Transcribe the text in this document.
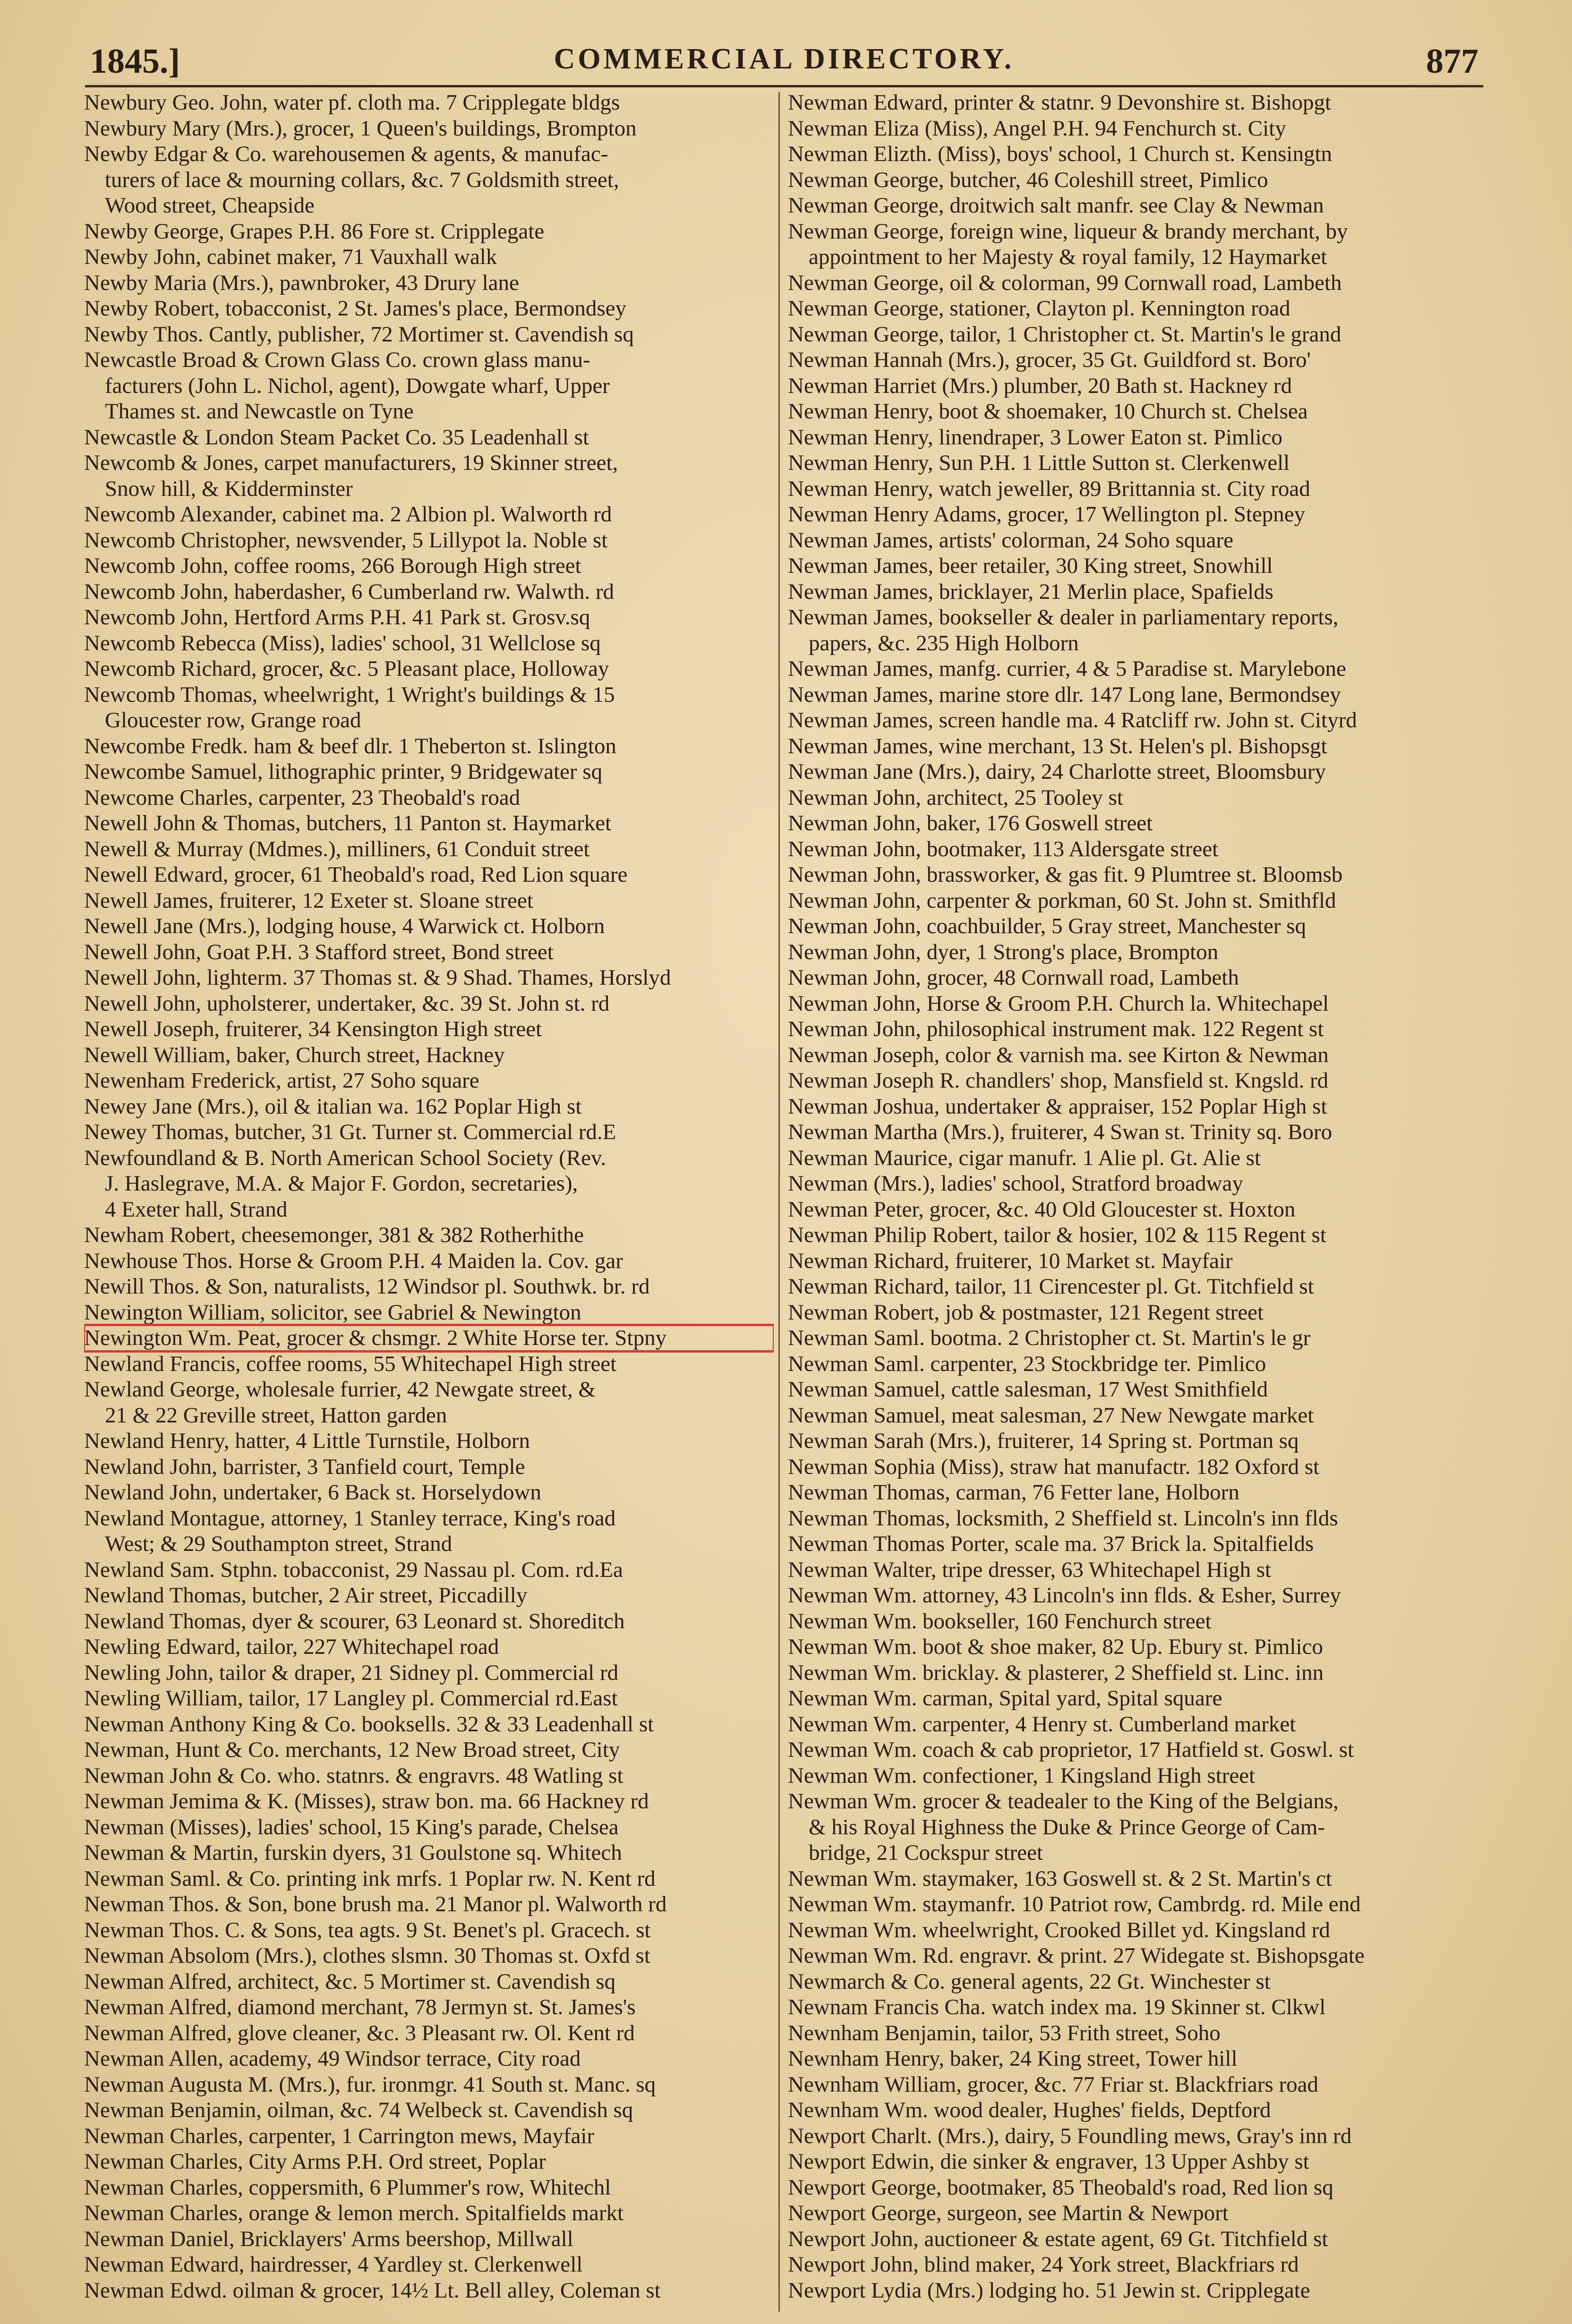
1845.]	COMMERCIAL DIRECTORY.	877
Newbury Geo. John, water pf. cloth ma. 7 Cripplegate bldgs
Newbury Mary (Mrs.), grocer, 1 Queen's buildings, Brompton
Newby Edgar & Co. warehousemen & agents, & manufac-
turers of lace & mourning collars, &c. 7 Goldsmith street,
Wood street, Cheapside
Newby George, Grapes P.H. 86 Fore st. Cripplegate
Newby John, cabinet maker, 71 Vauxhall walk
Newby Maria (Mrs.), pawnbroker, 43 Drury lane
Newby Robert, tobacconist, 2 St. James's place, Bermondsey
Newby Thos. Cantly, publisher, 72 Mortimer st. Cavendish sq
Newcastle Broad & Crown Glass Co. crown glass manu-
facturers (John L. Nichol, agent), Dowgate wharf, Upper
Thames st. and Newcastle on Tyne
Newcastle & London Steam Packet Co. 35 Leadenhall st
Newcomb & Jones, carpet manufacturers, 19 Skinner street,
Snow hill, & Kidderminster
Newcomb Alexander, cabinet ma. 2 Albion pl. Walworth rd
Newcomb Christopher, newsvender, 5 Lillypot la. Noble st
Newcomb John, coffee rooms, 266 Borough High street
Newcomb John, haberdasher, 6 Cumberland rw. Walwth. rd
Newcomb John, Hertford Arms P.H. 41 Park st. Grosv.sq
Newcomb Rebecca (Miss), ladies' school, 31 Wellclose sq
Newcomb Richard, grocer, &c. 5 Pleasant place, Holloway
Newcomb Thomas, wheelwright, 1 Wright's buildings & 15
Gloucester row, Grange road
Newcombe Fredk. ham & beef dlr. 1 Theberton st. Islington
Newcombe Samuel, lithographic printer, 9 Bridgewater sq
Newcome Charles, carpenter, 23 Theobald's road
Newell John & Thomas, butchers, 11 Panton st. Haymarket
Newell & Murray (Mdmes.), milliners, 61 Conduit street
Newell Edward, grocer, 61 Theobald's road, Red Lion square
Newell James, fruiterer, 12 Exeter st. Sloane street
Newell Jane (Mrs.), lodging house, 4 Warwick ct. Holborn
Newell John, Goat P.H. 3 Stafford street, Bond street
Newell John, lighterm. 37 Thomas st. & 9 Shad. Thames, Horslyd
Newell John, upholsterer, undertaker, &c. 39 St. John st. rd
Newell Joseph, fruiterer, 34 Kensington High street
Newell William, baker, Church street, Hackney
Newenham Frederick, artist, 27 Soho square
Newey Jane (Mrs.), oil & italian wa. 162 Poplar High st
Newey Thomas, butcher, 31 Gt. Turner st. Commercial rd.E
Newfoundland & B. North American School Society (Rev.
J. Haslegrave, M.A. & Major F. Gordon, secretaries),
4 Exeter hall, Strand
Newham Robert, cheesemonger, 381 & 382 Rotherhithe
Newhouse Thos. Horse & Groom P.H. 4 Maiden la. Cov. gar
Newill Thos. & Son, naturalists, 12 Windsor pl. Southwk. br. rd
Newington William, solicitor, see Gabriel & Newington
Newington Wm. Peat, grocer & chsmgr. 2 White Horse ter. Stpny
Newland Francis, coffee rooms, 55 Whitechapel High street
Newland George, wholesale furrier, 42 Newgate street, &
21 & 22 Greville street, Hatton garden
Newland Henry, hatter, 4 Little Turnstile, Holborn
Newland John, barrister, 3 Tanfield court, Temple
Newland John, undertaker, 6 Back st. Horselydown
Newland Montague, attorney, 1 Stanley terrace, King's road
West; & 29 Southampton street, Strand
Newland Sam. Stphn. tobacconist, 29 Nassau pl. Com. rd.Ea
Newland Thomas, butcher, 2 Air street, Piccadilly
Newland Thomas, dyer & scourer, 63 Leonard st. Shoreditch
Newling Edward, tailor, 227 Whitechapel road
Newling John, tailor & draper, 21 Sidney pl. Commercial rd
Newling William, tailor, 17 Langley pl. Commercial rd.East
Newman Anthony King & Co. booksells. 32 & 33 Leadenhall st
Newman, Hunt & Co. merchants, 12 New Broad street, City
Newman John & Co. who. statnrs. & engravrs. 48 Watling st
Newman Jemima & K. (Misses), straw bon. ma. 66 Hackney rd
Newman (Misses), ladies' school, 15 King's parade, Chelsea
Newman & Martin, furskin dyers, 31 Goulstone sq. Whitech
Newman Saml. & Co. printing ink mrfs. 1 Poplar rw. N. Kent rd
Newman Thos. & Son, bone brush ma. 21 Manor pl. Walworth rd
Newman Thos. C. & Sons, tea agts. 9 St. Benet's pl. Gracech. st
Newman Absolom (Mrs.), clothes slsmn. 30 Thomas st. Oxfd st
Newman Alfred, architect, &c. 5 Mortimer st. Cavendish sq
Newman Alfred, diamond merchant, 78 Jermyn st. St. James's
Newman Alfred, glove cleaner, &c. 3 Pleasant rw. Ol. Kent rd
Newman Allen, academy, 49 Windsor terrace, City road
Newman Augusta M. (Mrs.), fur. ironmgr. 41 South st. Manc. sq
Newman Benjamin, oilman, &c. 74 Welbeck st. Cavendish sq
Newman Charles, carpenter, 1 Carrington mews, Mayfair
Newman Charles, City Arms P.H. Ord street, Poplar
Newman Charles, coppersmith, 6 Plummer's row, Whitechl
Newman Charles, orange & lemon merch. Spitalfields markt
Newman Daniel, Bricklayers' Arms beershop, Millwall
Newman Edward, hairdresser, 4 Yardley st. Clerkenwell
Newman Edwd. oilman & grocer, 14½ Lt. Bell alley, Coleman st
Newman Edward, printer & statnr. 9 Devonshire st. Bishopgt
Newman Eliza (Miss), Angel P.H. 94 Fenchurch st. City
Newman Elizth. (Miss), boys' school, 1 Church st. Kensingtn
Newman George, butcher, 46 Coleshill street, Pimlico
Newman George, droitwich salt manfr. see Clay & Newman
Newman George, foreign wine, liqueur & brandy merchant, by
appointment to her Majesty & royal family, 12 Haymarket
Newman George, oil & colorman, 99 Cornwall road, Lambeth
Newman George, stationer, Clayton pl. Kennington road
Newman George, tailor, 1 Christopher ct. St. Martin's le grand
Newman Hannah (Mrs.), grocer, 35 Gt. Guildford st. Boro'
Newman Harriet (Mrs.) plumber, 20 Bath st. Hackney rd
Newman Henry, boot & shoemaker, 10 Church st. Chelsea
Newman Henry, linendraper, 3 Lower Eaton st. Pimlico
Newman Henry, Sun P.H. 1 Little Sutton st. Clerkenwell
Newman Henry, watch jeweller, 89 Brittannia st. City road
Newman Henry Adams, grocer, 17 Wellington pl. Stepney
Newman James, artists' colorman, 24 Soho square
Newman James, beer retailer, 30 King street, Snowhill
Newman James, bricklayer, 21 Merlin place, Spafields
Newman James, bookseller & dealer in parliamentary reports,
papers, &c. 235 High Holborn
Newman James, manfg. currier, 4 & 5 Paradise st. Marylebone
Newman James, marine store dlr. 147 Long lane, Bermondsey
Newman James, screen handle ma. 4 Ratcliff rw. John st. Cityrd
Newman James, wine merchant, 13 St. Helen's pl. Bishopsgt
Newman Jane (Mrs.), dairy, 24 Charlotte street, Bloomsbury
Newman John, architect, 25 Tooley st
Newman John, baker, 176 Goswell street
Newman John, bootmaker, 113 Aldersgate street
Newman John, brassworker, & gas fit. 9 Plumtree st. Bloomsb
Newman John, carpenter & porkman, 60 St. John st. Smithfld
Newman John, coachbuilder, 5 Gray street, Manchester sq
Newman John, dyer, 1 Strong's place, Brompton
Newman John, grocer, 48 Cornwall road, Lambeth
Newman John, Horse & Groom P.H. Church la. Whitechapel
Newman John, philosophical instrument mak. 122 Regent st
Newman Joseph, color & varnish ma. see Kirton & Newman
Newman Joseph R. chandlers' shop, Mansfield st. Kngsld. rd
Newman Joshua, undertaker & appraiser, 152 Poplar High st
Newman Martha (Mrs.), fruiterer, 4 Swan st. Trinity sq. Boro
Newman Maurice, cigar manufr. 1 Alie pl. Gt. Alie st
Newman (Mrs.), ladies' school, Stratford broadway
Newman Peter, grocer, &c. 40 Old Gloucester st. Hoxton
Newman Philip Robert, tailor & hosier, 102 & 115 Regent st
Newman Richard, fruiterer, 10 Market st. Mayfair
Newman Richard, tailor, 11 Cirencester pl. Gt. Titchfield st
Newman Robert, job & postmaster, 121 Regent street
Newman Saml. bootma. 2 Christopher ct. St. Martin's le gr
Newman Saml. carpenter, 23 Stockbridge ter. Pimlico
Newman Samuel, cattle salesman, 17 West Smithfield
Newman Samuel, meat salesman, 27 New Newgate market
Newman Sarah (Mrs.), fruiterer, 14 Spring st. Portman sq
Newman Sophia (Miss), straw hat manufactr. 182 Oxford st
Newman Thomas, carman, 76 Fetter lane, Holborn
Newman Thomas, locksmith, 2 Sheffield st. Lincoln's inn flds
Newman Thomas Porter, scale ma. 37 Brick la. Spitalfields
Newman Walter, tripe dresser, 63 Whitechapel High st
Newman Wm. attorney, 43 Lincoln's inn flds. & Esher, Surrey
Newman Wm. bookseller, 160 Fenchurch street
Newman Wm. boot & shoe maker, 82 Up. Ebury st. Pimlico
Newman Wm. bricklay. & plasterer, 2 Sheffield st. Linc. inn
Newman Wm. carman, Spital yard, Spital square
Newman Wm. carpenter, 4 Henry st. Cumberland market
Newman Wm. coach & cab proprietor, 17 Hatfield st. Goswl. st
Newman Wm. confectioner, 1 Kingsland High street
Newman Wm. grocer & teadealer to the King of the Belgians,
& his Royal Highness the Duke & Prince George of Cam-
bridge, 21 Cockspur street
Newman Wm. staymaker, 163 Goswell st. & 2 St. Martin's ct
Newman Wm. staymanfr. 10 Patriot row, Cambrdg. rd. Mile end
Newman Wm. wheelwright, Crooked Billet yd. Kingsland rd
Newman Wm. Rd. engravr. & print. 27 Widegate st. Bishopsgate
Newmarch & Co. general agents, 22 Gt. Winchester st
Newnam Francis Cha. watch index ma. 19 Skinner st. Clkwl
Newnham Benjamin, tailor, 53 Frith street, Soho
Newnham Henry, baker, 24 King street, Tower hill
Newnham William, grocer, &c. 77 Friar st. Blackfriars road
Newnham Wm. wood dealer, Hughes' fields, Deptford
Newport Charlt. (Mrs.), dairy, 5 Foundling mews, Gray's inn rd
Newport Edwin, die sinker & engraver, 13 Upper Ashby st
Newport George, bootmaker, 85 Theobald's road, Red lion sq
Newport George, surgeon, see Martin & Newport
Newport John, auctioneer & estate agent, 69 Gt. Titchfield st
Newport John, blind maker, 24 York street, Blackfriars rd
Newport Lydia (Mrs.) lodging ho. 51 Jewin st. Cripplegate
